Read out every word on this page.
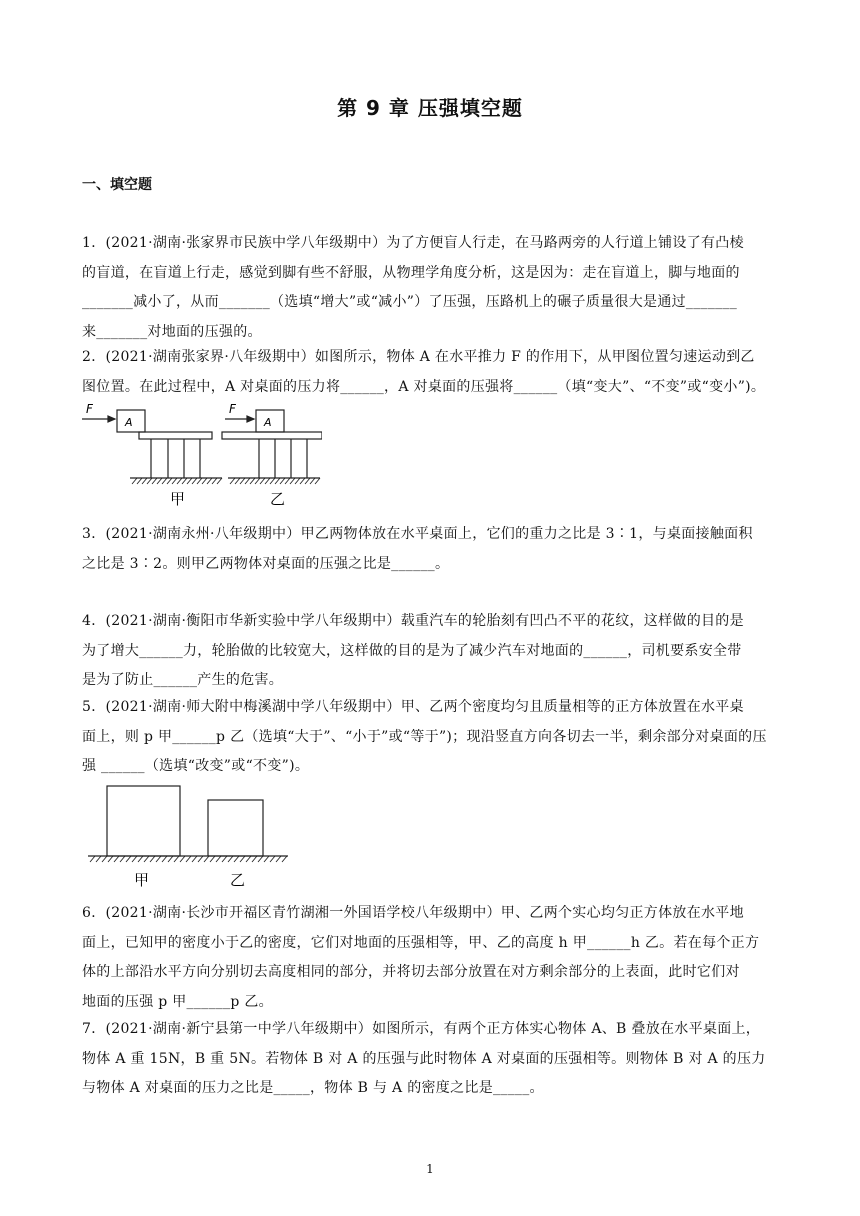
第 9 章 压强填空题
一、填空题
1．(2021·湖南·张家界市民族中学八年级期中）为了方便盲人行走，在马路两旁的人行道上铺设了有凸棱
的盲道，在盲道上行走，感觉到脚有些不舒服，从物理学角度分析，这是因为：走在盲道上，脚与地面的
_______减小了，从而_______（选填“增大”或“减小”）了压强，压路机上的碾子质量很大是通过_______
来_______对地面的压强的。
2．(2021·湖南张家界·八年级期中）如图所示，物体 A 在水平推力 F 的作用下，从甲图位置匀速运动到乙
图位置。在此过程中，A 对桌面的压力将______，A 对桌面的压强将______（填“变大”、“不变”或“变小”)。
F
A
F
A
甲	乙
3．(2021·湖南永州·八年级期中）甲乙两物体放在水平桌面上，它们的重力之比是 3∶1，与桌面接触面积
之比是 3∶2。则甲乙两物体对桌面的压强之比是______。
4．(2021·湖南·衡阳市华新实验中学八年级期中）载重汽车的轮胎刻有凹凸不平的花纹，这样做的目的是
为了增大______力，轮胎做的比较宽大，这样做的目的是为了减少汽车对地面的______，司机要系安全带
是为了防止______产生的危害。
5．(2021·湖南·师大附中梅溪湖中学八年级期中）甲、乙两个密度均匀且质量相等的正方体放置在水平桌
面上，则 p 甲______p 乙（选填“大于”、“小于”或“等于”)；现沿竖直方向各切去一半，剩余部分对桌面的压
强 ______（选填“改变”或“不变”)。
甲	乙
6．(2021·湖南·长沙市开福区青竹湖湘一外国语学校八年级期中）甲、乙两个实心均匀正方体放在水平地
面上，已知甲的密度小于乙的密度，它们对地面的压强相等，甲、乙的高度 h 甲______h 乙。若在每个正方
体的上部沿水平方向分别切去高度相同的部分，并将切去部分放置在对方剩余部分的上表面，此时它们对
地面的压强 p 甲______p 乙。
7．(2021·湖南·新宁县第一中学八年级期中）如图所示，有两个正方体实心物体 A、B 叠放在水平桌面上，
物体 A 重 15N，B 重 5N。若物体 B 对 A 的压强与此时物体 A 对桌面的压强相等。则物体 B 对 A 的压力
与物体 A 对桌面的压力之比是_____，物体 B 与 A 的密度之比是_____。
1
